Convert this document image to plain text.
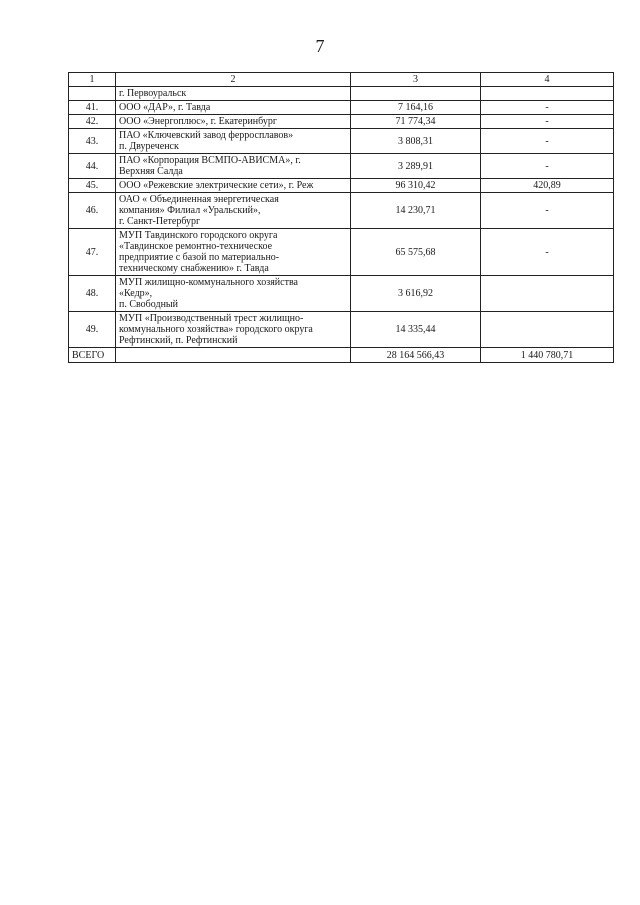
7
1	2	3	4

	г. Первоуральск		

41.	ООО «ДАР», г. Тавда	7 164,16	-
42.	ООО «Энергоплюс», г. Екатеринбург	71 774,34	-
43.	ПАО «Ключевский завод ферросплавов»
п. Двуреченск	3 808,31	-
44.	ПАО «Корпорация ВСМПО-АВИСМА», г.
Верхняя Салда	3 289,91	-
45.	ООО «Режевские электрические сети», г. Реж	96 310,42	420,89
46.	ОАО « Объединенная энергетическая
компания» Филиал «Уральский»,
г. Санкт-Петербург	14 230,71	-
47.	МУП Тавдинского городского округа
«Тавдинское ремонтно-техническое
предприятие с базой по материально-
техническому снабжению» г. Тавда	65 575,68	-
48.	МУП жилищно-коммунального хозяйства
«Кедр»,
п. Свободный	3 616,92	
49.	МУП «Производственный трест жилищно-
коммунального хозяйства» городского округа
Рефтинский, п. Рефтинский	14 335,44	
ВСЕГО		28 164 566,43	1 440 780,71
